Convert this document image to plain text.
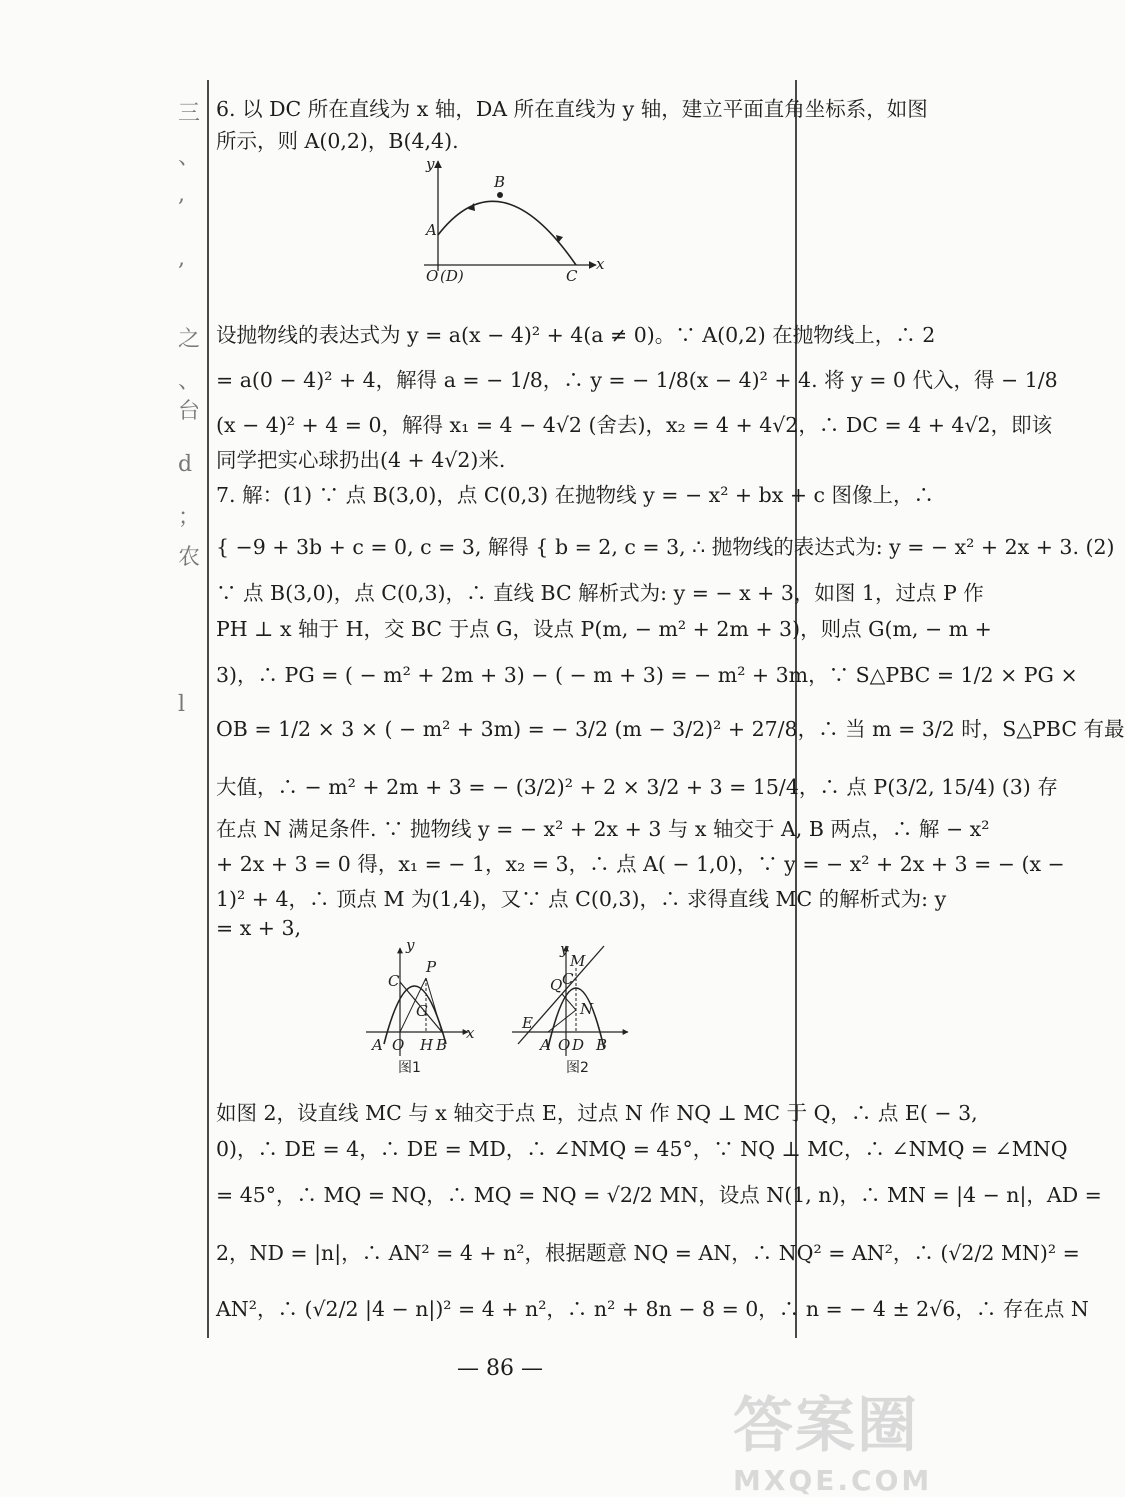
三
、
,
,
之
、
台
d
；
农
l
6. 以 DC 所在直线为 x 轴，DA 所在直线为 y 轴，建立平面直角坐标系，如图
所示，则 A(0,2)，B(4,4).
y
x
A
B
C
O (D)
设抛物线的表达式为 y = a(x − 4)² + 4(a ≠ 0)。∵ A(0,2) 在抛物线上，∴ 2
= a(0 − 4)² + 4，解得 a = − 1/8，∴ y = − 1/8(x − 4)² + 4. 将 y = 0 代入，得 − 1/8
(x − 4)² + 4 = 0，解得 x₁ = 4 − 4√2 (舍去)，x₂ = 4 + 4√2，∴ DC = 4 + 4√2，即该
同学把实心球扔出(4 + 4√2)米.
7. 解：(1) ∵ 点 B(3,0)，点 C(0,3) 在抛物线 y = − x² + bx + c 图像上，∴
{ −9 + 3b + c = 0, c = 3, 解得 { b = 2, c = 3, ∴ 抛物线的表达式为: y = − x² + 2x + 3. (2)
∵ 点 B(3,0)，点 C(0,3)，∴ 直线 BC 解析式为: y = − x + 3，如图 1，过点 P 作
PH ⊥ x 轴于 H，交 BC 于点 G，设点 P(m, − m² + 2m + 3)，则点 G(m, − m +
3)，∴ PG = ( − m² + 2m + 3) − ( − m + 3) = − m² + 3m，∵ S△PBC = 1/2 × PG ×
OB = 1/2 × 3 × ( − m² + 3m) = − 3/2 (m − 3/2)² + 27/8，∴ 当 m = 3/2 时，S△PBC 有最
大值，∴ − m² + 2m + 3 = − (3/2)² + 2 × 3/2 + 3 = 15/4，∴ 点 P(3/2, 15/4) (3) 存
在点 N 满足条件. ∵ 抛物线 y = − x² + 2x + 3 与 x 轴交于 A, B 两点，∴ 解 − x²
+ 2x + 3 = 0 得，x₁ = − 1，x₂ = 3，∴ 点 A( − 1,0)，∵ y = − x² + 2x + 3 = − (x −
1)² + 4，∴ 顶点 M 为(1,4)，又∵ 点 C(0,3)，∴ 求得直线 MC 的解析式为: y
= x + 3,
y
x
C
P
G
A O H B
图1
y
M
Q C
N
E
A O D B
图2
如图 2，设直线 MC 与 x 轴交于点 E，过点 N 作 NQ ⊥ MC 于 Q，∴ 点 E( − 3,
0)，∴ DE = 4，∴ DE = MD，∴ ∠NMQ = 45°，∵ NQ ⊥ MC，∴ ∠NMQ = ∠MNQ
= 45°，∴ MQ = NQ，∴ MQ = NQ = √2/2 MN，设点 N(1, n)，∴ MN = |4 − n|，AD =
2，ND = |n|，∴ AN² = 4 + n²，根据题意 NQ = AN，∴ NQ² = AN²，∴ (√2/2 MN)² =
AN²，∴ (√2/2 |4 − n|)² = 4 + n²，∴ n² + 8n − 8 = 0，∴ n = − 4 ± 2√6，∴ 存在点 N
— 86 —
答案圈
MXQE.COM
